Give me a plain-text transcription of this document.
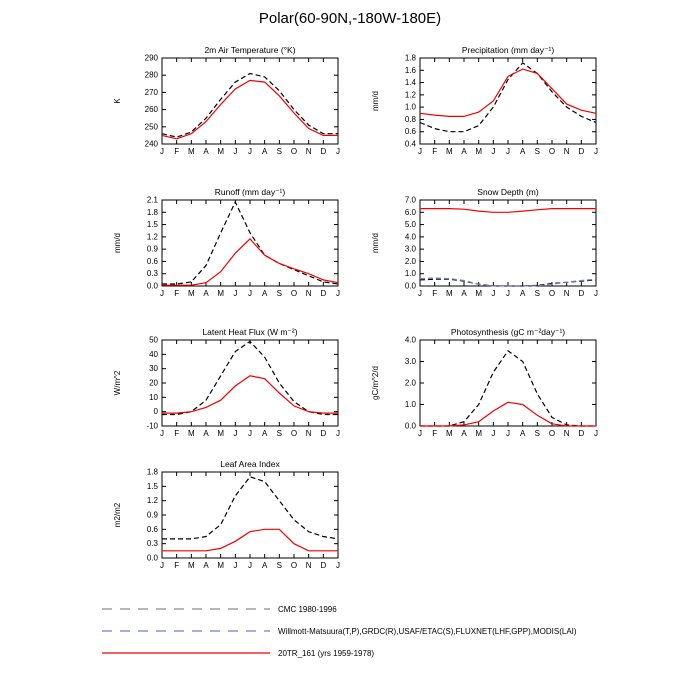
Polar(60-90N,-180W-180E)
2m Air Temperature (°K)
K
240
250
260
270
280
290
J F M A M J J A S O N D J
Precipitation (mm day⁻¹)
mm/d
0.4
0.6
0.8
1.0
1.2
1.4
1.6
1.8
J F M A M J J A S O N D J
Runoff (mm day⁻¹)
mm/d
0.0
0.3
0.6
0.9
1.2
1.5
1.8
2.1
J F M A M J J A S O N D J
Snow Depth (m)
mm/d
0.0
1.0
2.0
3.0
4.0
5.0
6.0
7.0
J F M A M J J A S O N D J
Latent Heat Flux (W m⁻²)
W/m^2
-10
0
10
20
30
40
50
J F M A M J J A S O N D J
Photosynthesis (gC m⁻²day⁻¹)
gC/m^2/d
0.0
1.0
2.0
3.0
4.0
J F M A M J J A S O N D J
Leaf Area Index
m2/m2
0.0
0.3
0.6
0.9
1.2
1.5
1.8
J F M A M J J A S O N D J
CMC 1980-1996
Willmott-Matsuura(T,P),GRDC(R),USAF/ETAC(S),FLUXNET(LHF,GPP),MODIS(LAI)
20TR_161 (yrs 1959-1978)
